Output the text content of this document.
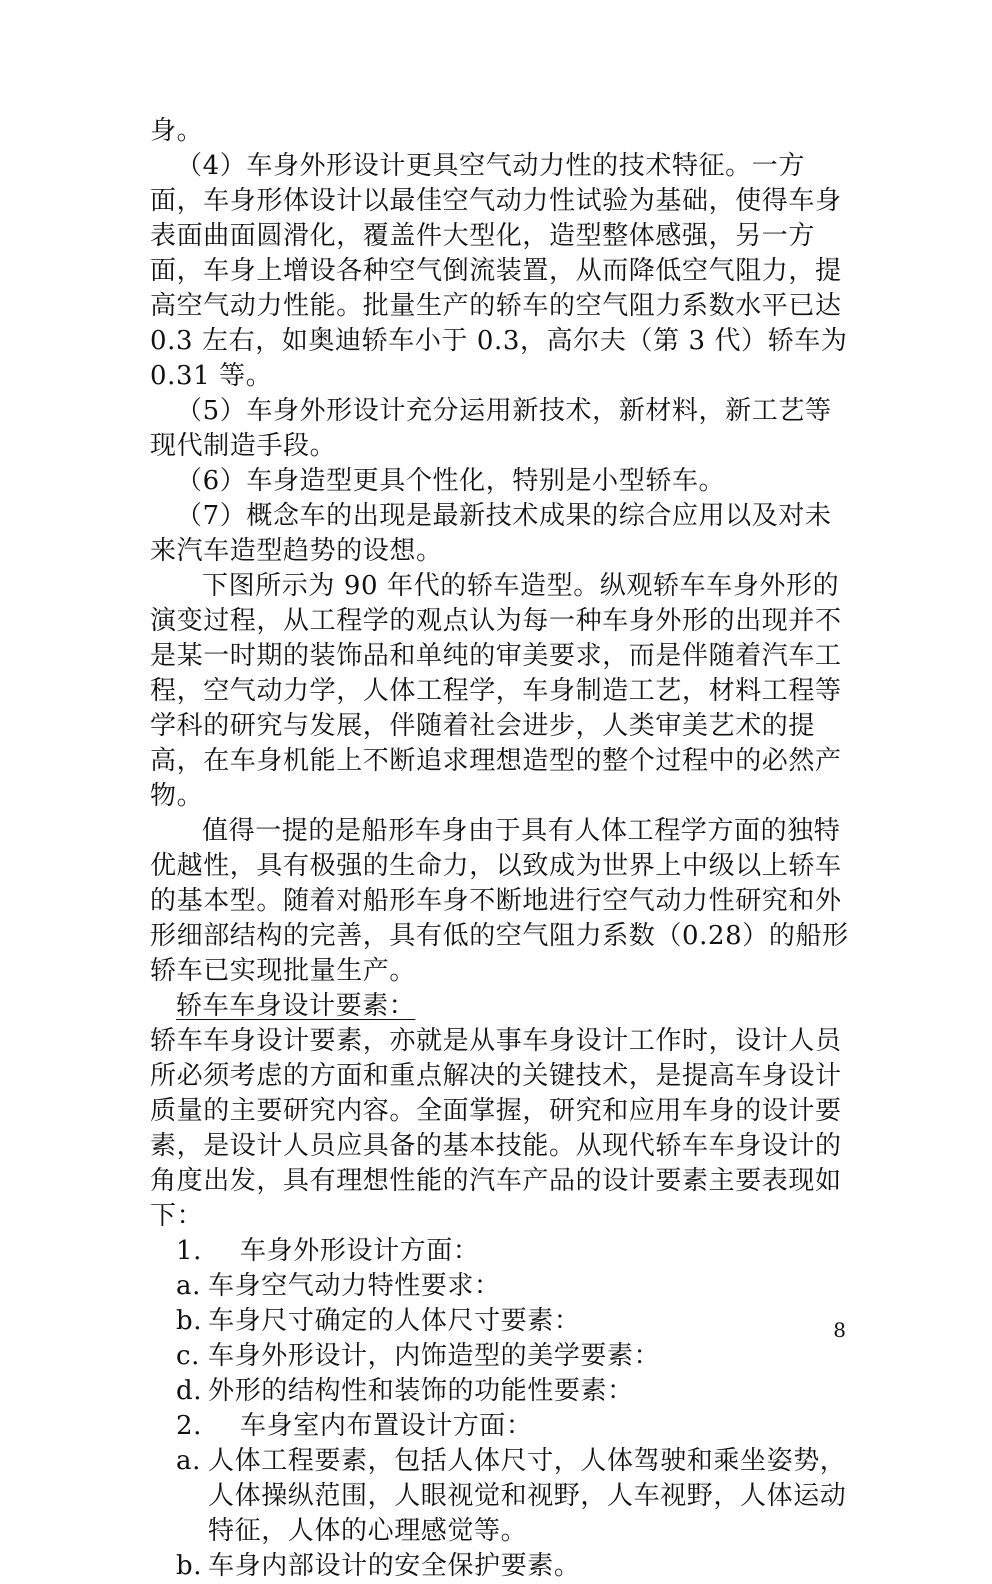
身。

（4）车身外形设计更具空气动力性的技术特征。一方面，车身形体设计以最佳空气动力性试验为基础，使得车身表面曲面圆滑化，覆盖件大型化，造型整体感强，另一方面，车身上增设各种空气倒流装置，从而降低空气阻力，提高空气动力性能。批量生产的轿车的空气阻力系数水平已达 0.3 左右，如奥迪轿车小于 0.3，高尔夫（第 3 代）轿车为 0.31 等。

（5）车身外形设计充分运用新技术，新材料，新工艺等现代制造手段。

（6）车身造型更具个性化，特别是小型轿车。

（7）概念车的出现是最新技术成果的综合应用以及对未来汽车造型趋势的设想。

下图所示为 90 年代的轿车造型。纵观轿车车身外形的演变过程，从工程学的观点认为每一种车身外形的出现并不是某一时期的装饰品和单纯的审美要求，而是伴随着汽车工程，空气动力学，人体工程学，车身制造工艺，材料工程等学科的研究与发展，伴随着社会进步，人类审美艺术的提高，在车身机能上不断追求理想造型的整个过程中的必然产物。

值得一提的是船形车身由于具有人体工程学方面的独特优越性，具有极强的生命力，以致成为世界上中级以上轿车的基本型。随着对船形车身不断地进行空气动力性研究和外形细部结构的完善，具有低的空气阻力系数（0.28）的船形轿车已实现批量生产。

轿车车身设计要素：

轿车车身设计要素，亦就是从事车身设计工作时，设计人员所必须考虑的方面和重点解决的关键技术，是提高车身设计质量的主要研究内容。全面掌握，研究和应用车身的设计要素，是设计人员应具备的基本技能。从现代轿车车身设计的角度出发，具有理想性能的汽车产品的设计要素主要表现如下：

1. 车身外形设计方面：
a. 车身空气动力特性要求：
b. 车身尺寸确定的人体尺寸要素：
c. 车身外形设计，内饰造型的美学要素：
d. 外形的结构性和装饰的功能性要素：
2. 车身室内布置设计方面：
a. 人体工程要素，包括人体尺寸，人体驾驶和乘坐姿势，人体操纵范围，人眼视觉和视野，人车视野，人体运动特征，人体的心理感觉等。
b. 车身内部设计的安全保护要素。
8
